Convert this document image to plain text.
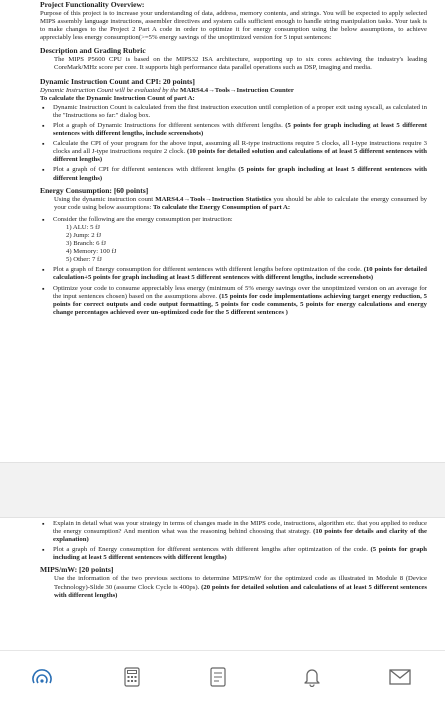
Project Functionality Overview:
Purpose of this project is to increase your understanding of data, address, memory contents, and strings. You will be expected to apply selected MIPS assembly language instructions, assembler directives and system calls sufficient enough to handle string manipulation tasks. Your task is to make changes to the Project 2 Part A code in order to optimize it for energy consumption using the below assumptions, to achieve appreciably less energy consumption(>=5% energy savings of the unoptimized version for 5 input sentences:
Description and Grading Rubric
The MIPS P5600 CPU is based on the MIPS32 ISA architecture, supporting up to six cores achieving the industry's leading CoreMark/MHz score per core. It supports high performance data parallel operations such as DSP, imaging and media.
Dynamic Instruction Count and CPI: 20 points]
Dynamic Instruction Count will be evaluated by the MARS4.4→Tools→Instruction Counter
To calculate the Dynamic Instruction Count of part A:
▪ Dynamic Instruction Count is calculated from the first instruction execution until completion of a proper exit using syscall, as calculated in the "Instructions so far:" dialog box.
▪ Plot a graph of Dynamic Instructions for different sentences with different lengths. (5 points for graph including at least 5 different sentences with different lengths, include screenshots)
▪ Calculate the CPI of your program for the above input, assuming all R-type instructions require 5 clocks, all I-type instructions require 3 clocks and all J-type instructions require 2 clock. (10 points for detailed solution and calculations of at least 5 different sentences with different lengths)
▪ Plot a graph of CPI for different sentences with different lengths (5 points for graph including at least 5 different sentences with different lengths)
Energy Consumption: [60 points]
Using the dynamic instruction count MARS4.4→Tools→Instruction Statistics you should be able to calculate the energy consumed by your code using below assumptions: To calculate the Energy Consumption of part A:
▪ Consider the following are the energy consumption per instruction:
1) ALU: 5 fJ
2) Jump: 2 fJ
3) Branch: 6 fJ
4) Memory: 100 fJ
5) Other: 7 fJ
▪ Plot a graph of Energy consumption for different sentences with different lengths before optimization of the code. (10 points for detailed calculation+5 points for graph including at least 5 different sentences with different lengths, include screenshots)
▪ Optimize your code to consume appreciably less energy (minimum of 5% energy savings over the unoptimized version on an average for the input sentences chosen) based on the assumptions above. (15 points for code implementations achieving target energy reduction, 5 points for correct outputs and code output formatting, 5 points for code comments, 5 points for energy calculations and energy change percentages achieved over un-optimized code for the 5 different sentences )
▪ Explain in detail what was your strategy in terms of changes made in the MIPS code, instructions, algorithm etc. that you applied to reduce the energy consumption? And mention what was the reasoning behind choosing that strategy. (10 points for details and clarity of the explanation)
▪ Plot a graph of Energy consumption for different sentences with different lengths after optimization of the code. (5 points for graph including at least 5 different sentences with different lengths)
MIPS/mW: [20 points]
Use the information of the two previous sections to determine MIPS/mW for the optimized code as illustrated in Module 8 (Device Technology)-Slide 30 (assume Clock Cycle is 400ps). (20 points for detailed solution and calculations of at least 5 different sentences with different lengths)
